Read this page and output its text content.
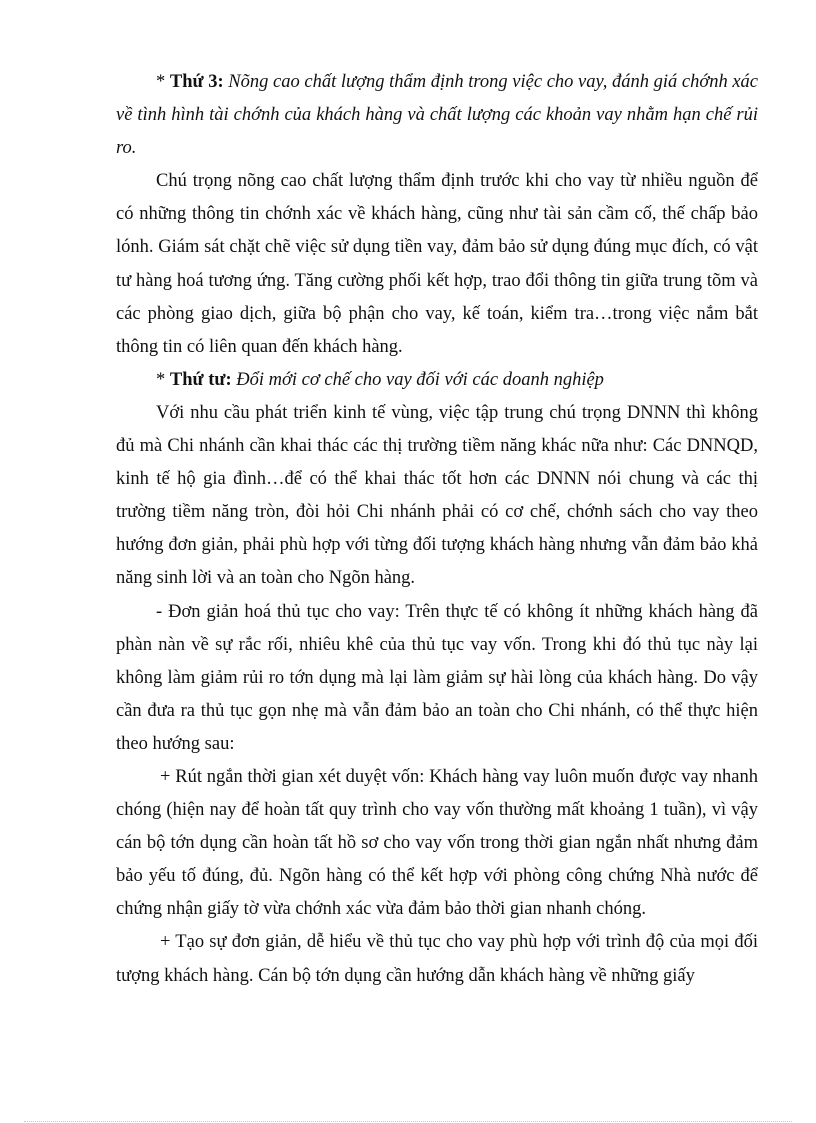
* Thứ 3: Nõng cao chất lượng thẩm định trong việc cho vay, đánh giá chớnh xác về tình hình tài chớnh của khách hàng và chất lượng các khoản vay nhằm hạn chế rủi ro.

Chú trọng nõng cao chất lượng thẩm định trước khi cho vay từ nhiều nguồn để có những thông tin chớnh xác về khách hàng, cũng như tài sản cầm cố, thế chấp bảo lónh. Giám sát chặt chẽ việc sử dụng tiền vay, đảm bảo sử dụng đúng mục đích, có vật tư hàng hoá tương ứng. Tăng cường phối kết hợp, trao đổi thông tin giữa trung tõm và các phòng giao dịch, giữa bộ phận cho vay, kế toán, kiểm tra…trong việc nắm bắt thông tin có liên quan đến khách hàng.

* Thứ tư: Đổi mới cơ chế cho vay đối với các doanh nghiệp

Với nhu cầu phát triển kinh tế vùng, việc tập trung chú trọng DNNN thì không đủ mà Chi nhánh cần khai thác các thị trường tiềm năng khác nữa như: Các DNNQD, kinh tế hộ gia đình…để có thể khai thác tốt hơn các DNNN nói chung và các thị trường tiềm năng tròn, đòi hỏi Chi nhánh phải có cơ chế, chớnh sách cho vay theo hướng đơn giản, phải phù hợp với từng đối tượng khách hàng nhưng vẫn đảm bảo khả năng sinh lời và an toàn cho Ngõn hàng.

- Đơn giản hoá thủ tục cho vay: Trên thực tế có không ít những khách hàng đã phàn nàn về sự rắc rối, nhiêu khê của thủ tục vay vốn. Trong khi đó thủ tục này lại không làm giảm rủi ro tớn dụng mà lại làm giảm sự hài lòng của khách hàng. Do vậy cần đưa ra thủ tục gọn nhẹ mà vẫn đảm bảo an toàn cho Chi nhánh, có thể thực hiện theo hướng sau:

+ Rút ngắn thời gian xét duyệt vốn: Khách hàng vay luôn muốn được vay nhanh chóng (hiện nay để hoàn tất quy trình cho vay vốn thường mất khoảng 1 tuần), vì vậy cán bộ tớn dụng cần hoàn tất hồ sơ cho vay vốn trong thời gian ngắn nhất nhưng đảm bảo yếu tố đúng, đủ. Ngõn hàng có thể kết hợp với phòng công chứng Nhà nước để chứng nhận giấy tờ vừa chớnh xác vừa đảm bảo thời gian nhanh chóng.

+ Tạo sự đơn giản, dễ hiểu về thủ tục cho vay phù hợp với trình độ của mọi đối tượng khách hàng. Cán bộ tớn dụng cần hướng dẫn khách hàng về những giấy
